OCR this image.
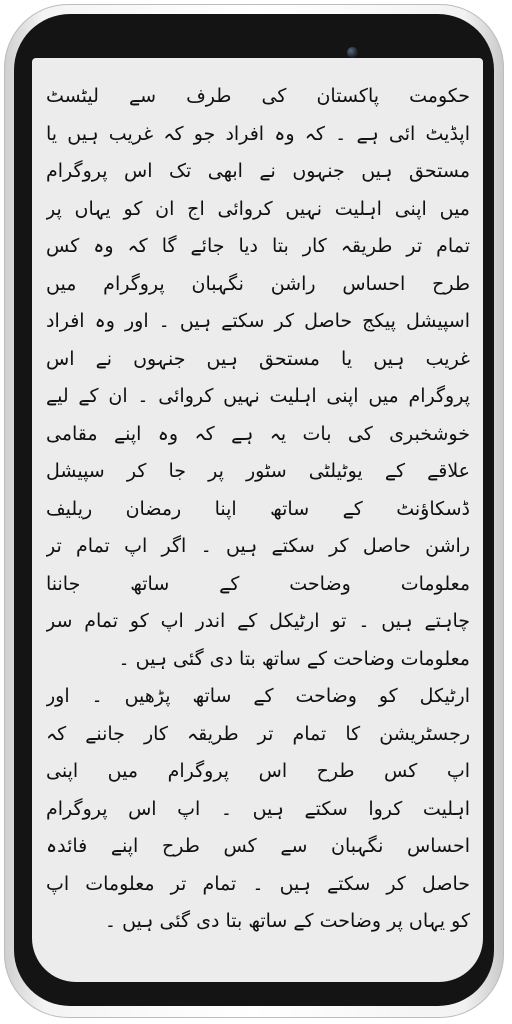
حکومت پاکستان کی طرف سے لیٹسٹ
اپڈیٹ ائی ہے ۔ کہ وہ افراد جو کہ غریب ہیں یا
مستحق ہیں جنہوں نے ابھی تک اس پروگرام
میں اپنی اہلیت نہیں کروائی اج ان کو یہاں پر
تمام تر طریقہ کار بتا دیا جائے گا کہ وہ کس
طرح احساس راشن نگہبان پروگرام میں
اسپیشل پیکج حاصل کر سکتے ہیں ۔ اور وہ افراد
غریب ہیں یا مستحق ہیں جنہوں نے اس
پروگرام میں اپنی اہلیت نہیں کروائی ۔ ان کے لیے
خوشخبری کی بات یہ ہے کہ وہ اپنے مقامی
علاقے کے یوٹیلٹی سٹور پر جا کر سپیشل
ڈسکاؤنٹ کے ساتھ اپنا رمضان ریلیف
راشن حاصل کر سکتے ہیں ۔ اگر اپ تمام تر
معلومات وضاحت کے ساتھ جاننا
چاہتے ہیں ۔ تو ارٹیکل کے اندر اپ کو تمام سر
معلومات وضاحت کے ساتھ بتا دی گئی ہیں ۔
ارٹیکل کو وضاحت کے ساتھ پڑھیں ۔ اور
رجسٹریشن کا تمام تر طریقہ کار جاننے کہ
اپ کس طرح اس پروگرام میں اپنی
اہلیت کروا سکتے ہیں ۔ اپ اس پروگرام
احساس نگہبان سے کس طرح اپنے فائدہ
حاصل کر سکتے ہیں ۔ تمام تر معلومات اپ
کو یہاں پر وضاحت کے ساتھ بتا دی گئی ہیں ۔
